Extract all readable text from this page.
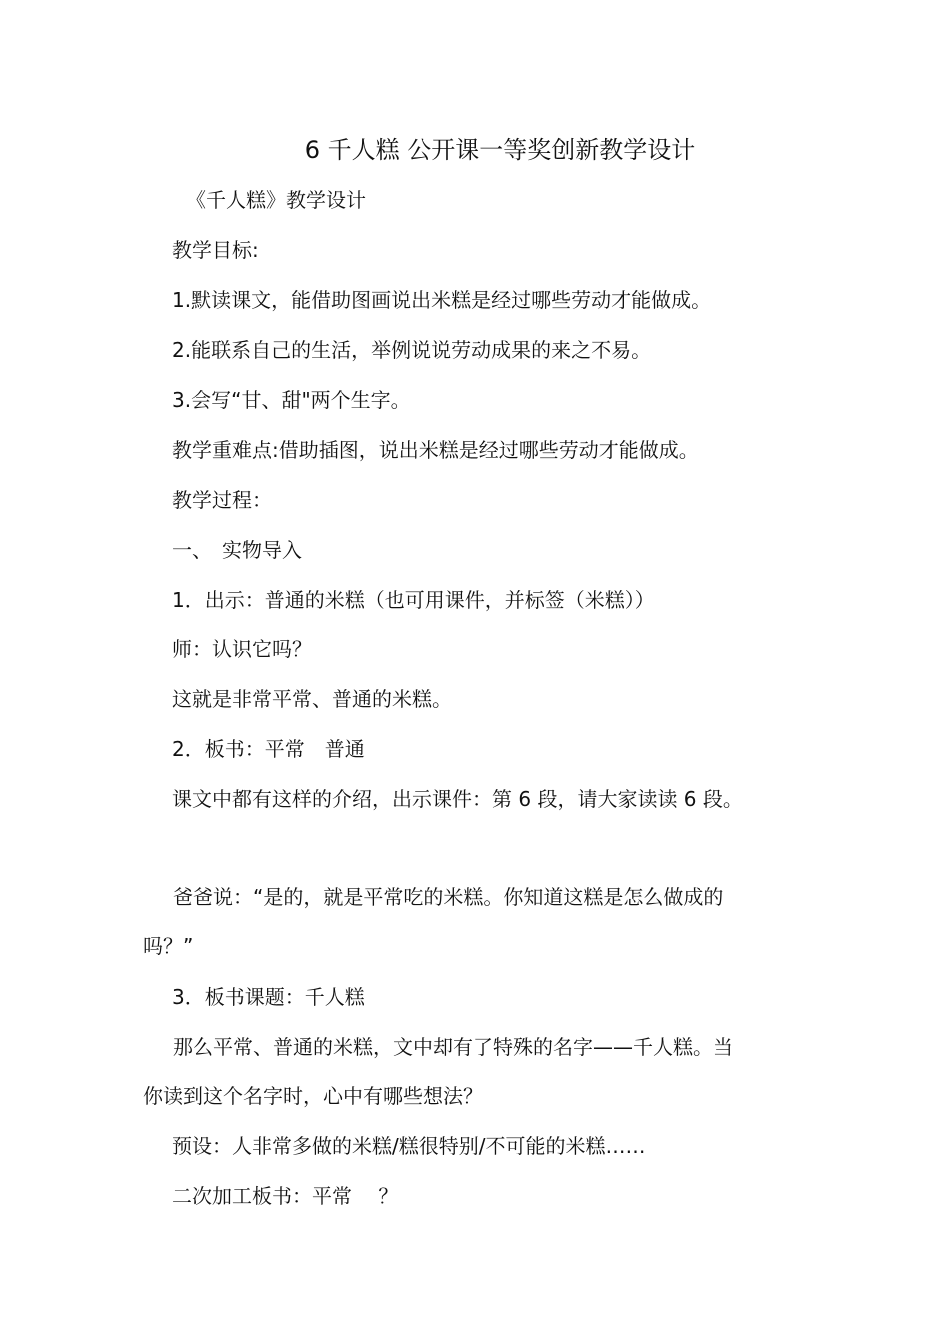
6 千人糕 公开课一等奖创新教学设计

《千人糕》教学设计

教学目标:

1.默读课文，能借助图画说出米糕是经过哪些劳动才能做成。

2.能联系自己的生活，举例说说劳动成果的来之不易。

3.会写“甘、甜"两个生字。

教学重难点:借助插图，说出米糕是经过哪些劳动才能做成。

教学过程：

一、　实物导入

1．出示：普通的米糕（也可用课件，并标签（米糕））

师：认识它吗？

这就是非常平常、普通的米糕。

2．板书：平常　普通

课文中都有这样的介绍，出示课件：第 6 段，请大家读读 6 段。

爸爸说：“是的，就是平常吃的米糕。你知道这糕是怎么做成的
吗？”

3．板书课题：千人糕

那么平常、普通的米糕，文中却有了特殊的名字——千人糕。当
你读到这个名字时，心中有哪些想法？

预设：人非常多做的米糕/糕很特别/不可能的米糕……

二次加工板书：平常　 ？
